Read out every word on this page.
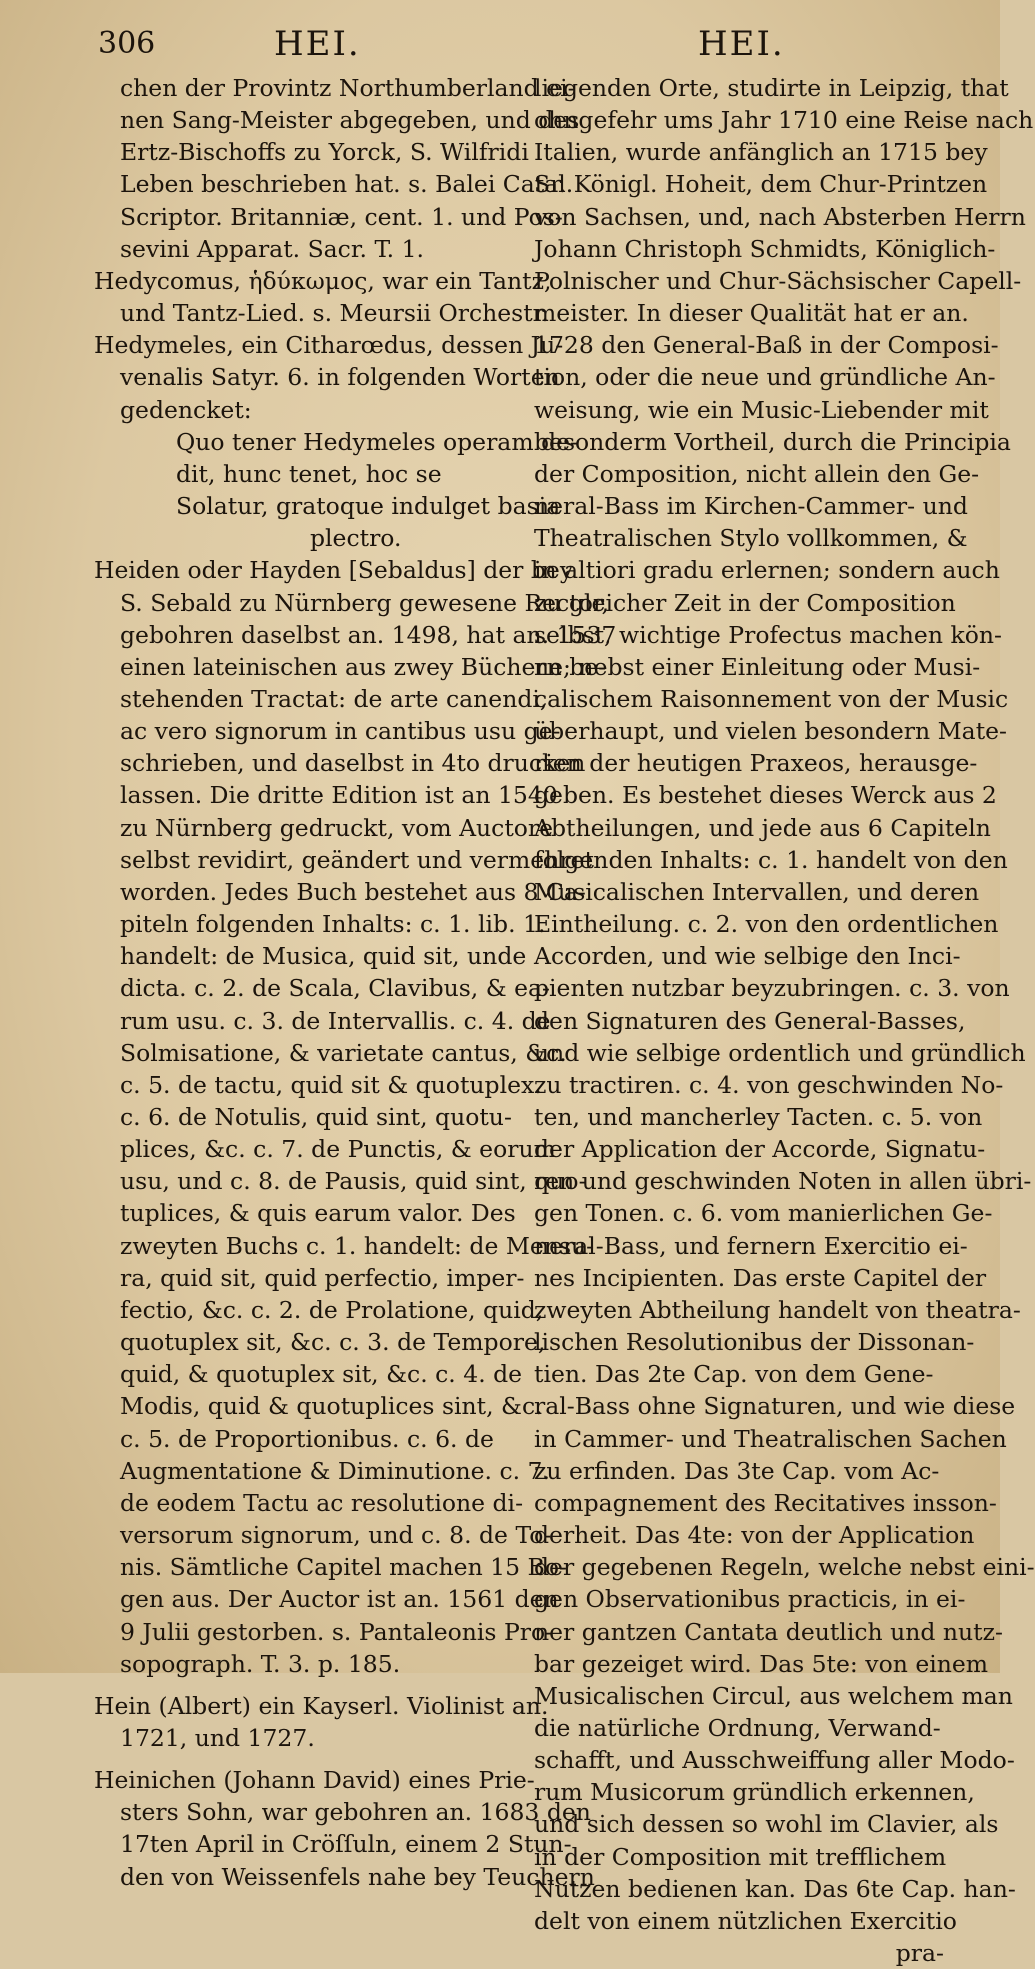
306	HEI.	HEI.
chen der Provintz Northumberland ei-
nen Sang-Meister abgegeben, und des
Ertz-Bischoffs zu Yorck, S. Wilfridi
Leben beschrieben hat. s. Balei Catal.
Scriptor. Britanniæ, cent. 1. und Pos-
sevini Apparat. Sacr. T. 1.
Hedycomus, ἡδύκωμος, war ein Tantz,
und Tantz-Lied. s. Meursii Orchestr.
Hedymeles, ein Citharœdus, dessen Ju-
venalis Satyr. 6. in folgenden Worten
gedencket:
Quo tener Hedymeles operam de-
dit, hunc tenet, hoc se
Solatur, gratoque indulget basia
plectro.
Heiden oder Hayden [Sebaldus] der bey
S. Sebald zu Nürnberg gewesene Rector,
gebohren daselbst an. 1498, hat an. 1537
einen lateinischen aus zwey Büchern be-
stehenden Tractat: de arte canendi,
ac vero signorum in cantibus usu ge-
schrieben, und daselbst in 4to drucken
lassen. Die dritte Edition ist an 1540
zu Nürnberg gedruckt, vom Auctore
selbst revidirt, geändert und vermehret
worden. Jedes Buch bestehet aus 8 Ca-
piteln folgenden Inhalts: c. 1. lib. 1.
handelt: de Musica, quid sit, unde
dicta. c. 2. de Scala, Clavibus, & ea-
rum usu. c. 3. de Intervallis. c. 4. de
Solmisatione, & varietate cantus, &c.
c. 5. de tactu, quid sit & quotuplex.
c. 6. de Notulis, quid sint, quotu-
plices, &c. c. 7. de Punctis, & eorum
usu, und c. 8. de Pausis, quid sint, quo-
tuplices, & quis earum valor. Des
zweyten Buchs c. 1. handelt: de Mensu-
ra, quid sit, quid perfectio, imper-
fectio, &c. c. 2. de Prolatione, quid,
quotuplex sit, &c. c. 3. de Tempore,
quid, & quotuplex sit, &c. c. 4. de
Modis, quid & quotuplices sint, &c.
c. 5. de Proportionibus. c. 6. de
Augmentatione & Diminutione. c. 7.
de eodem Tactu ac resolutione di-
versorum signorum, und c. 8. de To-
nis. Sämtliche Capitel machen 15 Bo-
gen aus. Der Auctor ist an. 1561 den
9 Julii gestorben. s. Pantaleonis Pro-
sopograph. T. 3. p. 185.
Hein (Albert) ein Kayserl. Violinist an.
1721, und 1727.
Heinichen (Johann David) eines Prie-
sters Sohn, war gebohren an. 1683 den
17ten April in Cröſſuln, einem 2 Stun-
den von Weissenfels nahe bey Teuchern
liegenden Orte, studirte in Leipzig, that
ohngefehr ums Jahr 1710 eine Reise nach
Italien, wurde anfänglich an 1715 bey
Sr. Königl. Hoheit, dem Chur-Printzen
von Sachsen, und, nach Absterben Herrn
Johann Christoph Schmidts, Königlich-
Polnischer und Chur-Sächsischer Capell-
meister. In dieser Qualität hat er an.
1728 den General-Baß in der Composi-
tion, oder die neue und gründliche An-
weisung, wie ein Music-Liebender mit
besonderm Vortheil, durch die Principia
der Composition, nicht allein den Ge-
neral-Bass im Kirchen-Cammer- und
Theatralischen Stylo vollkommen, &
in altiori gradu erlernen; sondern auch
zu gleicher Zeit in der Composition
selbst, wichtige Profectus machen kön-
ne; nebst einer Einleitung oder Musi-
calischem Raisonnement von der Music
überhaupt, und vielen besondern Mate-
rien der heutigen Praxeos, herausge-
geben. Es bestehet dieses Werck aus 2
Abtheilungen, und jede aus 6 Capiteln
folgenden Inhalts: c. 1. handelt von den
Musicalischen Intervallen, und deren
Eintheilung. c. 2. von den ordentlichen
Accorden, und wie selbige den Inci-
pienten nutzbar beyzubringen. c. 3. von
den Signaturen des General-Basses,
und wie selbige ordentlich und gründlich
zu tractiren. c. 4. von geschwinden No-
ten, und mancherley Tacten. c. 5. von
der Application der Accorde, Signatu-
ren und geschwinden Noten in allen übri-
gen Tonen. c. 6. vom manierlichen Ge-
neral-Bass, und fernern Exercitio ei-
nes Incipienten. Das erste Capitel der
zweyten Abtheilung handelt von theatra-
lischen Resolutionibus der Dissonan-
tien. Das 2te Cap. von dem Gene-
ral-Bass ohne Signaturen, und wie diese
in Cammer- und Theatralischen Sachen
zu erfinden. Das 3te Cap. vom Ac-
compagnement des Recitatives insson-
derheit. Das 4te: von der Application
der gegebenen Regeln, welche nebst eini-
gen Observationibus practicis, in ei-
ner gantzen Cantata deutlich und nutz-
bar gezeiget wird. Das 5te: von einem
Musicalischen Circul, aus welchem man
die natürliche Ordnung, Verwand-
schafft, und Ausschweiffung aller Modo-
rum Musicorum gründlich erkennen,
und sich dessen so wohl im Clavier, als
in der Composition mit trefflichem
Nutzen bedienen kan. Das 6te Cap. han-
delt von einem nützlichen Exercitio
pra-
